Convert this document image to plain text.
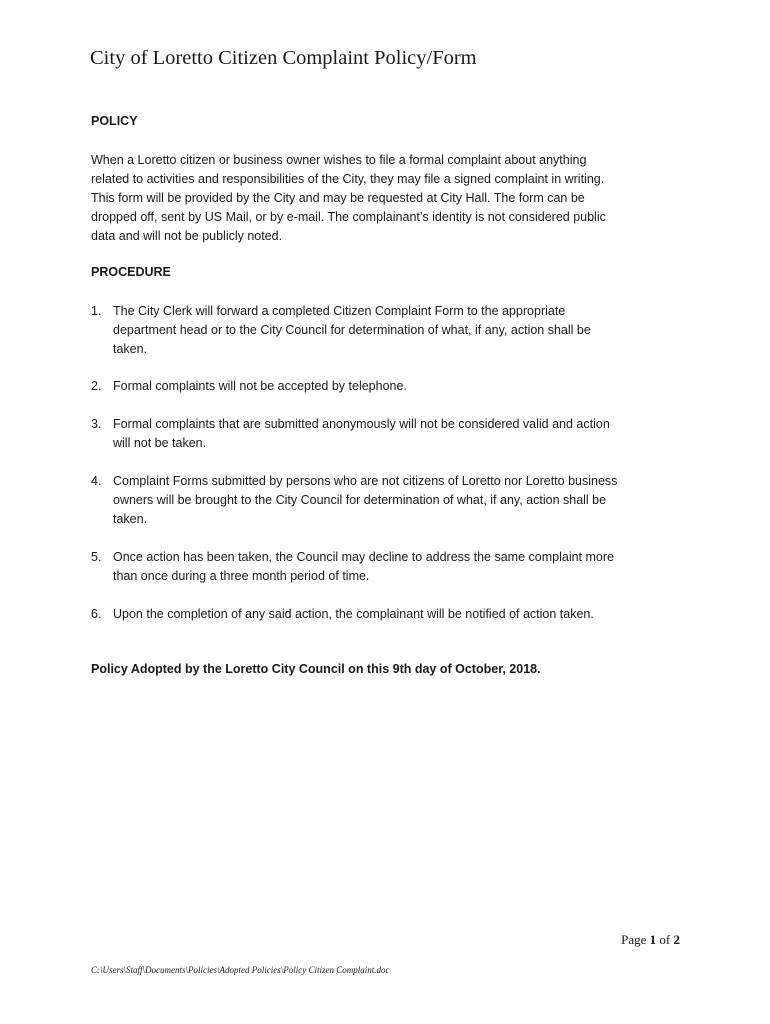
City of Loretto Citizen Complaint Policy/Form
POLICY

When a Loretto citizen or business owner wishes to file a formal complaint about anything
related to activities and responsibilities of the City, they may file a signed complaint in writing.
This form will be provided by the City and may be requested at City Hall. The form can be
dropped off, sent by US Mail, or by e-mail. The complainant’s identity is not considered public
data and will not be publicly noted.

PROCEDURE
1. The City Clerk will forward a completed Citizen Complaint Form to the appropriate
department head or to the City Council for determination of what, if any, action shall be
taken.
2. Formal complaints will not be accepted by telephone.
3. Formal complaints that are submitted anonymously will not be considered valid and action
will not be taken.
4. Complaint Forms submitted by persons who are not citizens of Loretto nor Loretto business
owners will be brought to the City Council for determination of what, if any, action shall be
taken.
5. Once action has been taken, the Council may decline to address the same complaint more
than once during a three month period of time.
6. Upon the completion of any said action, the complainant will be notified of action taken.
Policy Adopted by the Loretto City Council on this 9th day of October, 2018.
Page 1 of 2
C:\Users\Staff\Documents\Policies\Adopted Policies\Policy Citizen Complaint.doc
